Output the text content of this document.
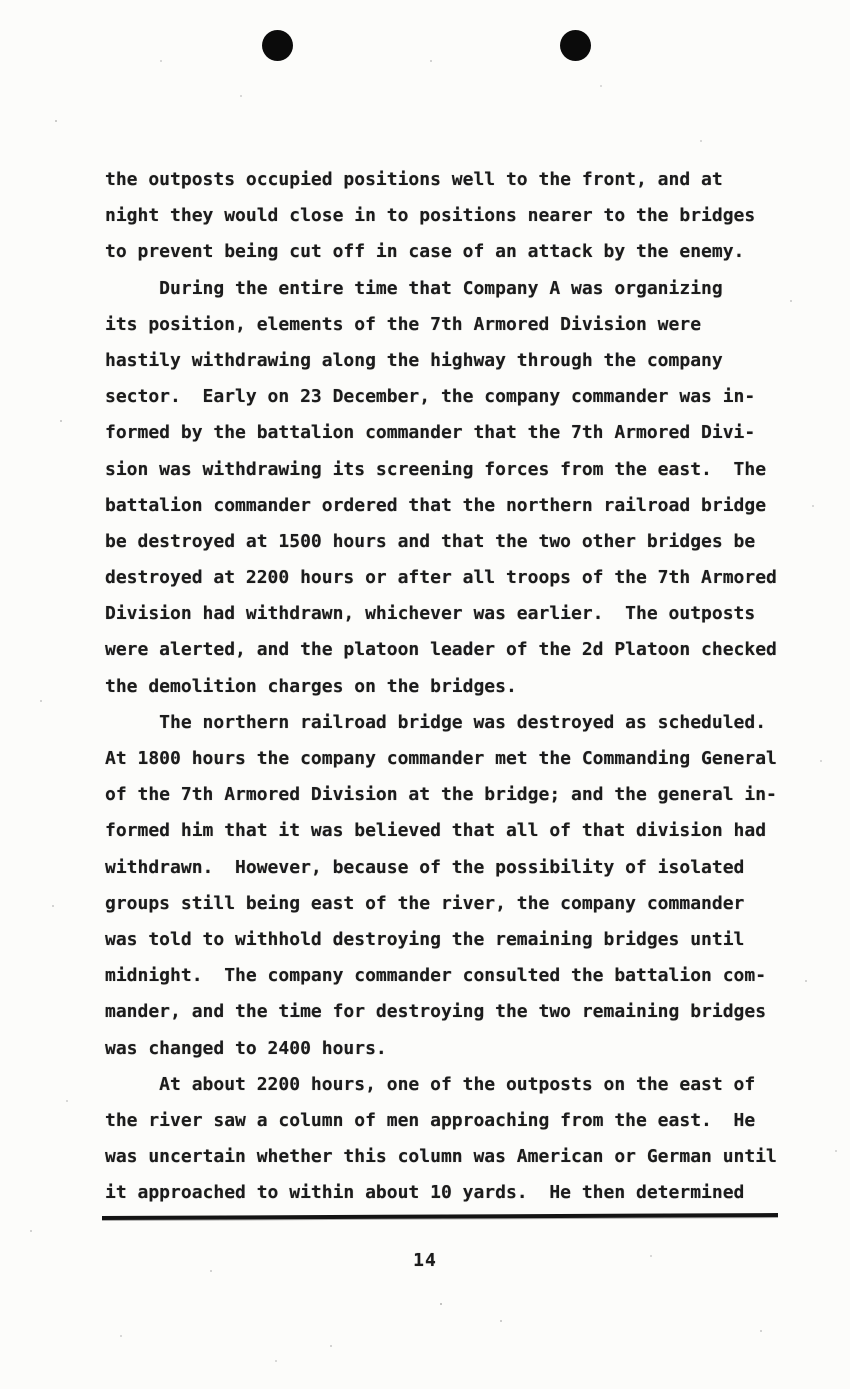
the outposts occupied positions well to the front, and at
night they would close in to positions nearer to the bridges
to prevent being cut off in case of an attack by the enemy.
During the entire time that Company A was organizing
its position, elements of the 7th Armored Division were
hastily withdrawing along the highway through the company
sector.  Early on 23 December, the company commander was in-
formed by the battalion commander that the 7th Armored Divi-
sion was withdrawing its screening forces from the east.  The
battalion commander ordered that the northern railroad bridge
be destroyed at 1500 hours and that the two other bridges be
destroyed at 2200 hours or after all troops of the 7th Armored
Division had withdrawn, whichever was earlier.  The outposts
were alerted, and the platoon leader of the 2d Platoon checked
the demolition charges on the bridges.
The northern railroad bridge was destroyed as scheduled.
At 1800 hours the company commander met the Commanding General
of the 7th Armored Division at the bridge; and the general in-
formed him that it was believed that all of that division had
withdrawn.  However, because of the possibility of isolated
groups still being east of the river, the company commander
was told to withhold destroying the remaining bridges until
midnight.  The company commander consulted the battalion com-
mander, and the time for destroying the two remaining bridges
was changed to 2400 hours.
At about 2200 hours, one of the outposts on the east of
the river saw a column of men approaching from the east.  He
was uncertain whether this column was American or German until
it approached to within about 10 yards.  He then determined
14
